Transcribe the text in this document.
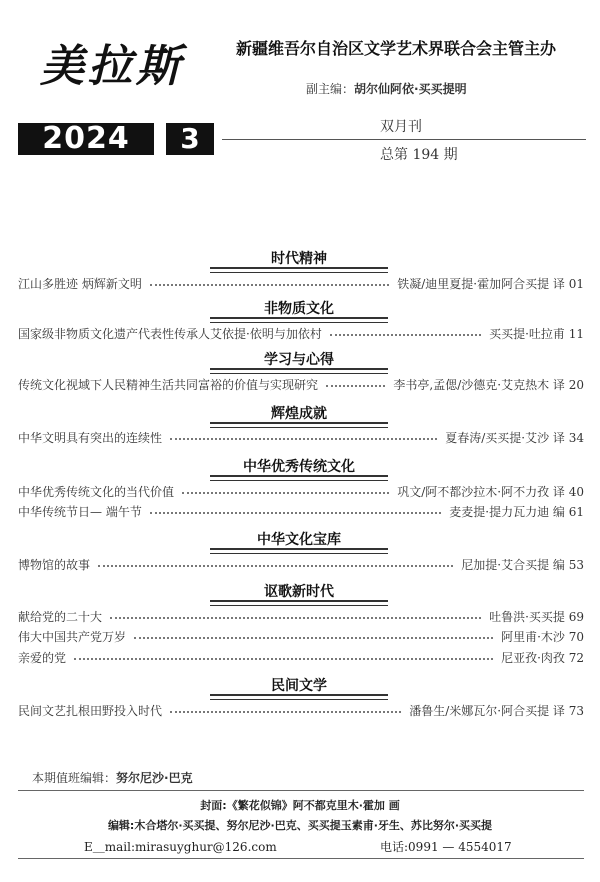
美拉斯	新疆维吾尔自治区文学艺术界联合会主管主办
副主编：胡尔仙阿依·买买提明
2024	3	双月刊
总第 194 期
时代精神
江山多胜迹 炳辉新文明	铁凝/迪里夏提·霍加阿合买提 译 01
非物质文化
国家级非物质文化遗产代表性传承人艾依提·依明与加依村	买买提·吐拉甫 11
学习与心得
传统文化视域下人民精神生活共同富裕的价值与实现研究	李书亭,孟偲/沙德克·艾克热木 译 20
辉煌成就
中华文明具有突出的连续性	夏春涛/买买提·艾沙 译 34
中华优秀传统文化
中华优秀传统文化的当代价值	巩文/阿不都沙拉木·阿不力孜 译 40
中华传统节日— 端午节	麦麦提·提力瓦力迪 编 61
中华文化宝库
博物馆的故事	尼加提·艾合买提 编 53
讴歌新时代
献给党的二十大	吐鲁洪·买买提 69
伟大中国共产党万岁	阿里甫·木沙 70
亲爱的党	尼亚孜·肉孜 72
民间文学
民间文艺扎根田野投入时代	潘鲁生/米娜瓦尔·阿合买提 译 73
本期值班编辑：努尔尼沙·巴克
封面:《繁花似锦》阿不都克里木·霍加 画
编辑:木合塔尔·买买提、努尔尼沙·巴克、买买提玉素甫·牙生、苏比努尔·买买提
E＿mail:mirasuyghur@126.com	电话:0991 — 4554017
